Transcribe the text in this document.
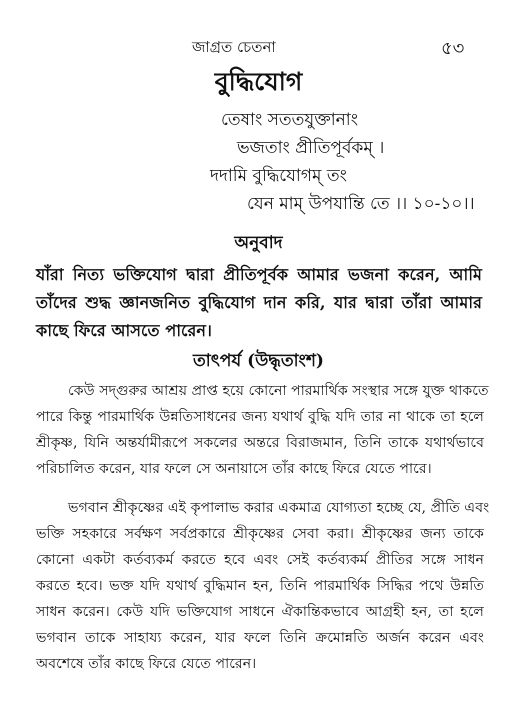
জাগ্রত চেতনা	৫৩
বুদ্ধিযোগ
তেষাং সততযুক্তানাং
ভজতাং প্রীতিপূর্বকম্ ।
দদামি বুদ্ধিযোগম্ তং
যেন মাম্ উপযান্তি তে ।। ১০-১০।।
অনুবাদ
যাঁরা নিত্য ভক্তিযোগ দ্বারা প্রীতিপূর্বক আমার ভজনা করেন, আমি
তাঁদের শুদ্ধ জ্ঞানজনিত বুদ্ধিযোগ দান করি, যার দ্বারা তাঁরা আমার
কাছে ফিরে আসতে পারেন।
তাৎপর্য (উদ্ধৃতাংশ)
কেউ সদ্গুরুর আশ্রয় প্রাপ্ত হয়ে কোনো পারমার্থিক সংস্থার সঙ্গে যুক্ত থাকতে
পারে কিন্তু পারমার্থিক উন্নতিসাধনের জন্য যথার্থ বুদ্ধি যদি তার না থাকে তা হলে
শ্রীকৃষ্ণ, যিনি অন্তর্যামীরূপে সকলের অন্তরে বিরাজমান, তিনি তাকে যথার্থভাবে
পরিচালিত করেন, যার ফলে সে অনায়াসে তাঁর কাছে ফিরে যেতে পারে।
ভগবান শ্রীকৃষ্ণের এই কৃপালাভ করার একমাত্র যোগ্যতা হচ্ছে যে, প্রীতি এবং
ভক্তি সহকারে সর্বক্ষণ সর্বপ্রকারে শ্রীকৃষ্ণের সেবা করা। শ্রীকৃষ্ণের জন্য তাকে
কোনো একটা কর্তব্যকর্ম করতে হবে এবং সেই কর্তব্যকর্ম প্রীতির সঙ্গে সাধন
করতে হবে। ভক্ত যদি যথার্থ বুদ্ধিমান হন, তিনি পারমার্থিক সিদ্ধির পথে উন্নতি
সাধন করেন। কেউ যদি ভক্তিযোগ সাধনে ঐকান্তিকভাবে আগ্রহী হন, তা হলে
ভগবান তাকে সাহায্য করেন, যার ফলে তিনি ক্রমোন্নতি অর্জন করেন এবং
অবশেষে তাঁর কাছে ফিরে যেতে পারেন।
